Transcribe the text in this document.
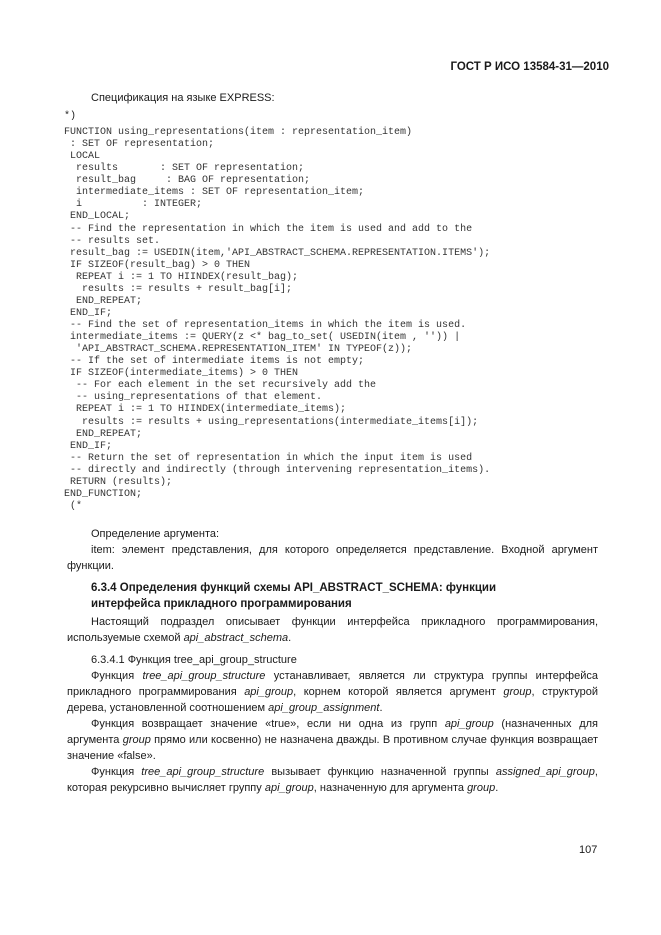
ГОСТ Р ИСО 13584-31—2010
Спецификация на языке EXPRESS:
*)
FUNCTION using_representations(item : representation_item)
: SET OF representation;
LOCAL
results       : SET OF representation;
result_bag     : BAG OF representation;
intermediate_items : SET OF representation_item;
i          : INTEGER;
END_LOCAL;
-- Find the representation in which the item is used and add to the
-- results set.
result_bag := USEDIN(item,'API_ABSTRACT_SCHEMA.REPRESENTATION.ITEMS');
IF SIZEOF(result_bag) > 0 THEN
REPEAT i := 1 TO HIINDEX(result_bag);
results := results + result_bag[i];
END_REPEAT;
END_IF;
-- Find the set of representation_items in which the item is used.
intermediate_items := QUERY(z <* bag_to_set( USEDIN(item , '')) |
'API_ABSTRACT_SCHEMA.REPRESENTATION_ITEM' IN TYPEOF(z));
-- If the set of intermediate items is not empty;
IF SIZEOF(intermediate_items) > 0 THEN
-- For each element in the set recursively add the
-- using_representations of that element.
REPEAT i := 1 TO HIINDEX(intermediate_items);
results := results + using_representations(intermediate_items[i]);
END_REPEAT;
END_IF;
-- Return the set of representation in which the input item is used
-- directly and indirectly (through intervening representation_items).
RETURN (results);
END_FUNCTION;
(*
Определение аргумента:
item: элемент представления, для которого определяется представление. Входной аргумент функции.
6.3.4 Определения функций схемы API_ABSTRACT_SCHEMA: функции интерфейса прикладного программирования
Настоящий подраздел описывает функции интерфейса прикладного программирования, используемые схемой api_abstract_schema.
6.3.4.1 Функция tree_api_group_structure
Функция tree_api_group_structure устанавливает, является ли структура группы интерфейса прикладного программирования api_group, корнем которой является аргумент group, структурой дерева, установленной соотношением api_group_assignment.
Функция возвращает значение «true», если ни одна из групп api_group (назначенных для аргумента group прямо или косвенно) не назначена дважды. В противном случае функция возвращает значение «false».
Функция tree_api_group_structure вызывает функцию назначенной группы assigned_api_group, которая рекурсивно вычисляет группу api_group, назначенную для аргумента group.
107
